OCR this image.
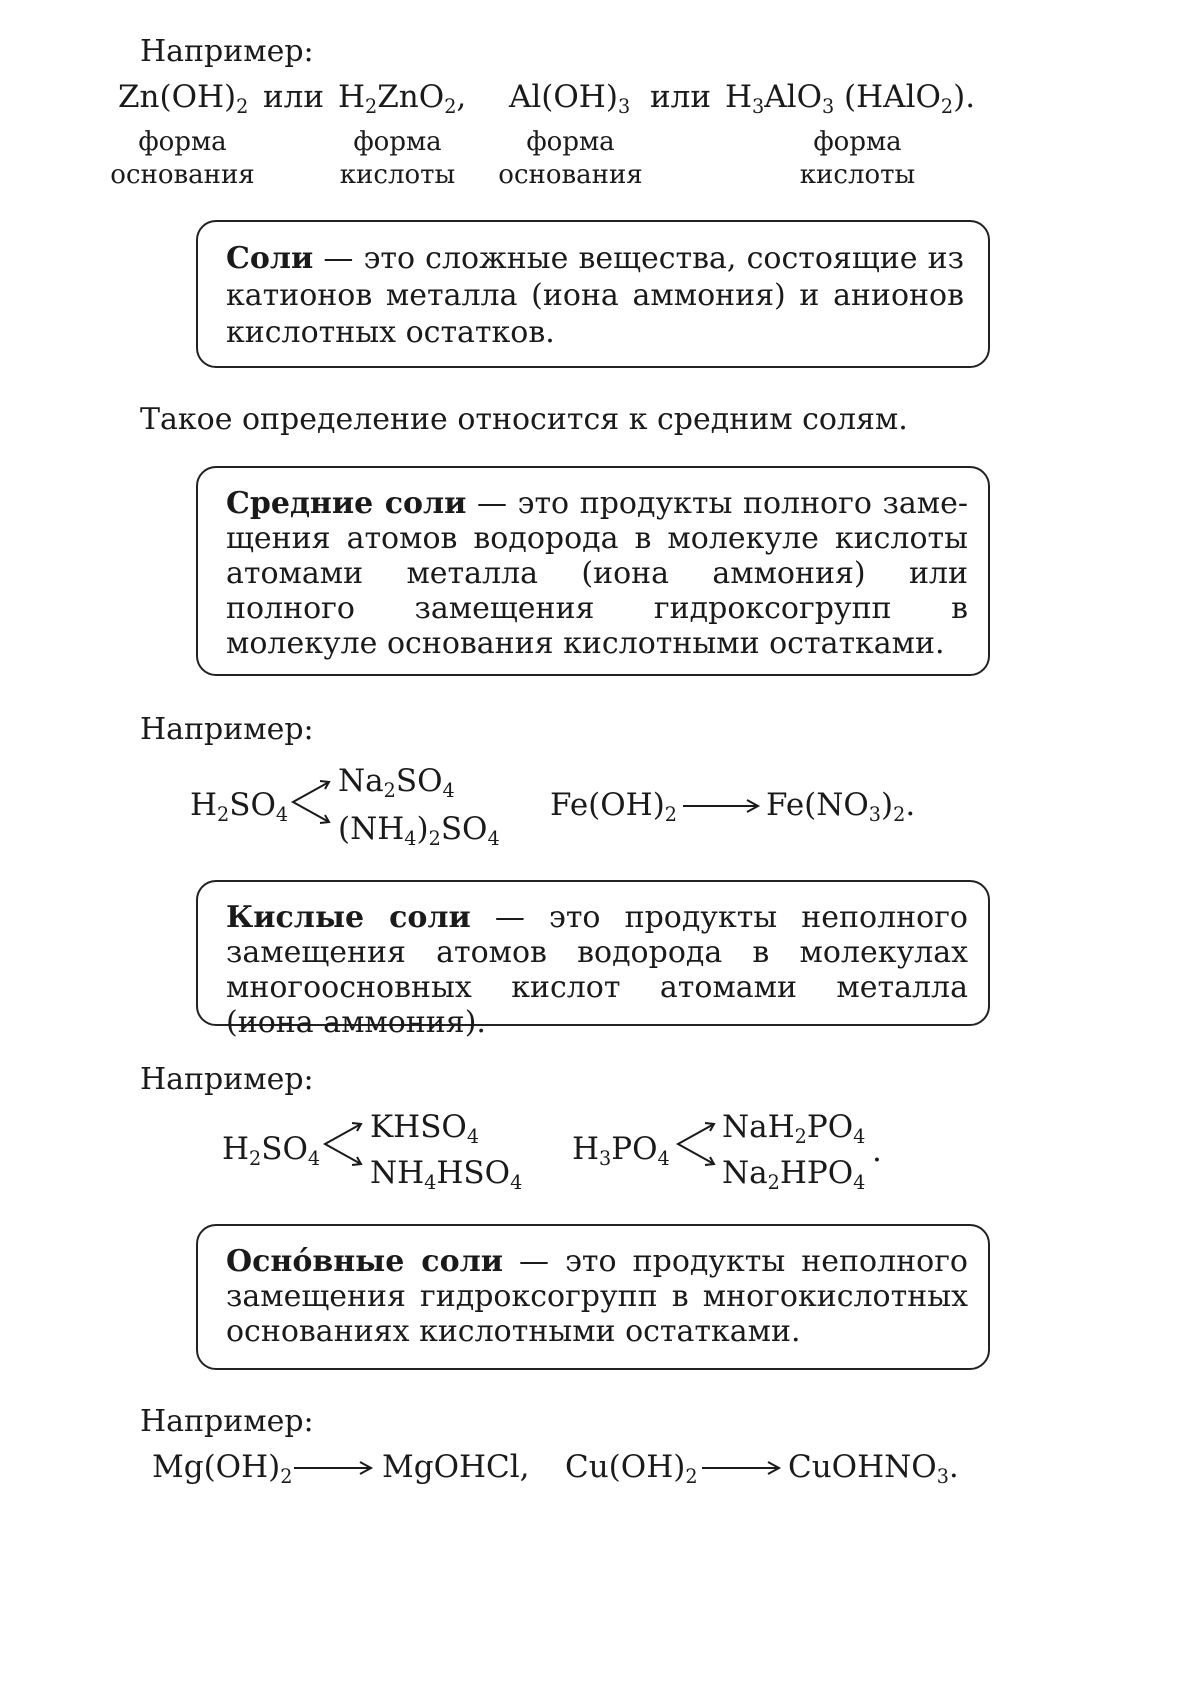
Например:
$Zn(OH)_2$ или $H_2ZnO_2$, $Al(OH)_3$ или $H_3AlO_3$ (HAlO$_2$).
форма
основания
форма
кислоты
форма
основания
форма
кислоты
Соли — это сложные вещества, состоящие из катионов металла (иона аммония) и анионов кислотных остатков.
Такое определение относится к средним солям.
Средние соли — это продукты полного замещения атомов водорода в молекуле кислоты атомами металла (иона аммония) или полного замещения гидроксогрупп в молекуле основания кислотными остатками.
Например:
$H_2SO_4$
$Na_2SO_4$
$(NH_4)_2SO_4$
$Fe(OH)_2$	$Fe(NO_3)_2$.
Кислые соли — это продукты неполного замещения атомов водорода в молекулах многоосновных кислот атомами металла (иона аммония).
Например:
$H_2SO_4$
$KHSO_4$
$NH_4HSO_4$
$H_3PO_4$
$NaH_2PO_4$
$Na_2HPO_4$
.
Осно́вные соли — это продукты неполного замещения гидроксогрупп в многокислотных основаниях кислотными остатками.
Например:
$Mg(OH)_2$	MgOHCl, $Cu(OH)_2$	CuOHNO$_3$.
